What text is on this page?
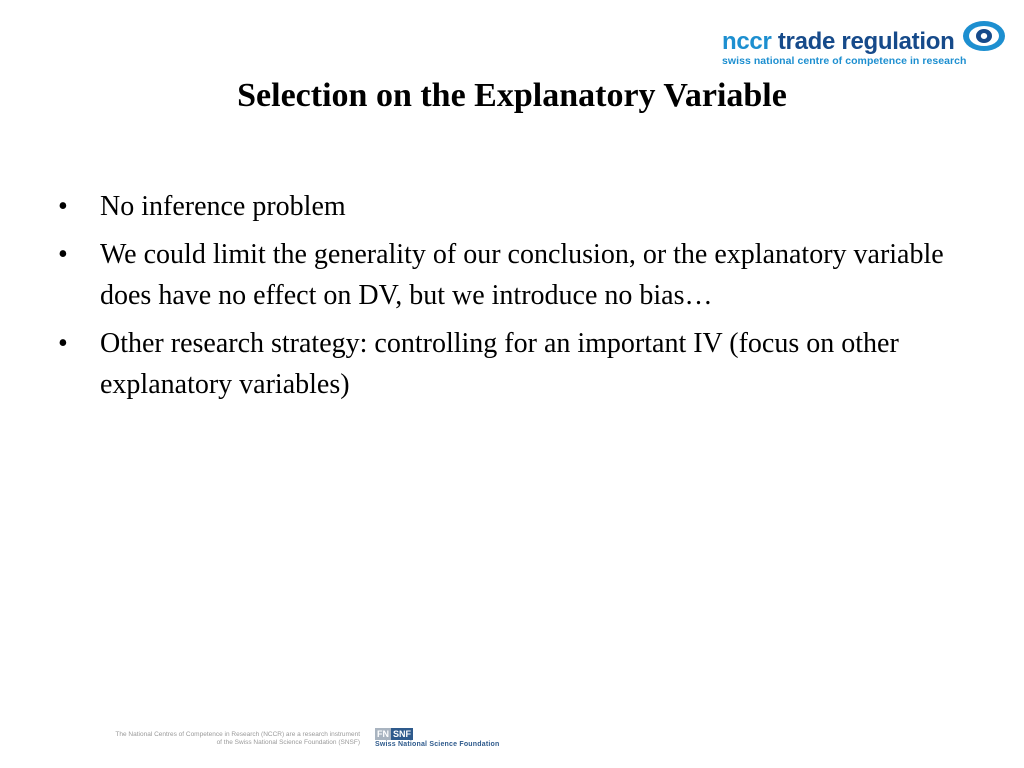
nccr trade regulation
swiss national centre of competence in research
Selection on the Explanatory Variable
•	No inference problem
•	We could limit the generality of our conclusion, or the explanatory variable does have no effect on DV, but we introduce no bias…
•	Other research strategy: controlling for an important IV (focus on other explanatory variables)
The National Centres of Competence in Research (NCCR) are a research instrument
of the Swiss National Science Foundation (SNSF)
FN SNF
Swiss National Science Foundation
